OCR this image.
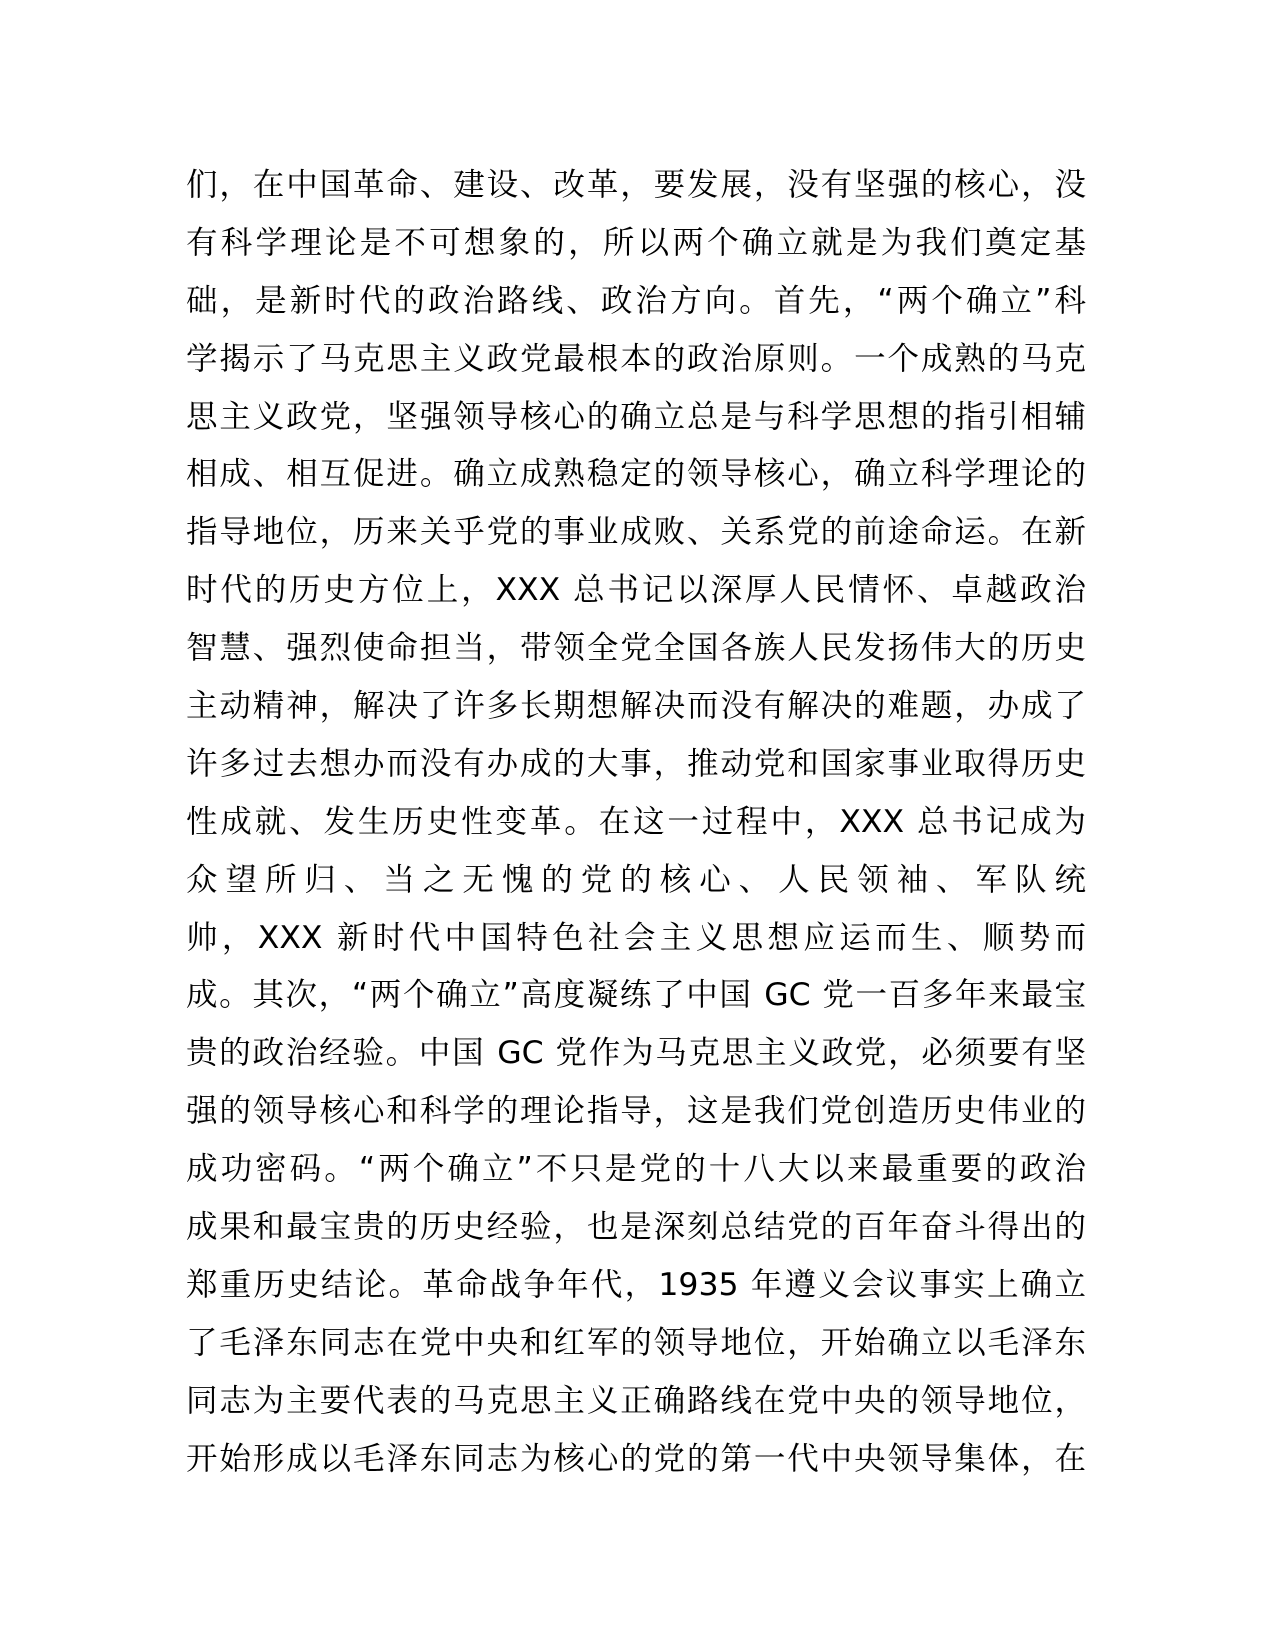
们，在中国革命、建设、改革，要发展，没有坚强的核心，没
有科学理论是不可想象的，所以两个确立就是为我们奠定基
础，是新时代的政治路线、政治方向。首先，“两个确立”科
学揭示了马克思主义政党最根本的政治原则。一个成熟的马克
思主义政党，坚强领导核心的确立总是与科学思想的指引相辅
相成、相互促进。确立成熟稳定的领导核心，确立科学理论的
指导地位，历来关乎党的事业成败、关系党的前途命运。在新
时代的历史方位上，XXX 总书记以深厚人民情怀、卓越政治
智慧、强烈使命担当，带领全党全国各族人民发扬伟大的历史
主动精神，解决了许多长期想解决而没有解决的难题，办成了
许多过去想办而没有办成的大事，推动党和国家事业取得历史
性成就、发生历史性变革。在这一过程中，XXX 总书记成为
众望所归、当之无愧的党的核心、人民领袖、军队统
帅，XXX 新时代中国特色社会主义思想应运而生、顺势而
成。其次，“两个确立”高度凝练了中国 GC 党一百多年来最宝
贵的政治经验。中国 GC 党作为马克思主义政党，必须要有坚
强的领导核心和科学的理论指导，这是我们党创造历史伟业的
成功密码。“两个确立”不只是党的十八大以来最重要的政治
成果和最宝贵的历史经验，也是深刻总结党的百年奋斗得出的
郑重历史结论。革命战争年代，1935 年遵义会议事实上确立
了毛泽东同志在党中央和红军的领导地位，开始确立以毛泽东
同志为主要代表的马克思主义正确路线在党中央的领导地位，
开始形成以毛泽东同志为核心的党的第一代中央领导集体，在
